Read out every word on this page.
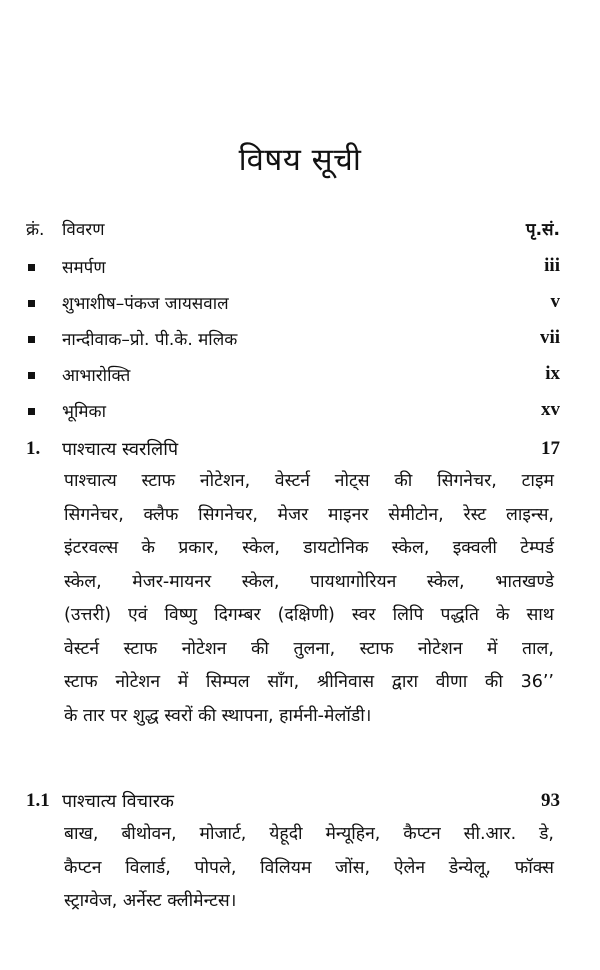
विषय सूची
क्रं.	विवरण	पृ.सं.
समर्पण	iii
शुभाशीष–पंकज जायसवाल	v
नान्दीवाक–प्रो. पी.के. मलिक	vii
आभारोक्ति	ix
भूमिका	xv
1.	पाश्चात्य स्वरलिपि	17
पाश्चात्य स्टाफ नोटेशन, वेस्टर्न नोट्स की सिगनेचर, टाइम
सिगनेचर, क्लैफ सिगनेचर, मेजर माइनर सेमीटोन, रेस्ट लाइन्स,
इंटरवल्स के प्रकार, स्केल, डायटोनिक स्केल, इक्वली टेम्पर्ड
स्केल, मेजर-मायनर स्केल, पायथागोरियन स्केल, भातखण्डे
(उत्तरी) एवं विष्णु दिगम्बर (दक्षिणी) स्वर लिपि पद्धति के साथ
वेस्टर्न स्टाफ नोटेशन की तुलना, स्टाफ नोटेशन में ताल,
स्टाफ नोटेशन में सिम्पल साँग, श्रीनिवास द्वारा वीणा की 36’’
के तार पर शुद्ध स्वरों की स्थापना, हार्मनी-मेलॉडी।
1.1 पाश्चात्य विचारक	93
बाख, बीथोवन, मोजार्ट, येहूदी मेन्यूहिन, कैप्टन सी.आर. डे,
कैप्टन विलार्ड, पोपले, विलियम जोंस, ऐलेन डेन्येलू, फॉक्स
स्ट्राग्वेज, अर्नेस्ट क्लीमेन्टस।
